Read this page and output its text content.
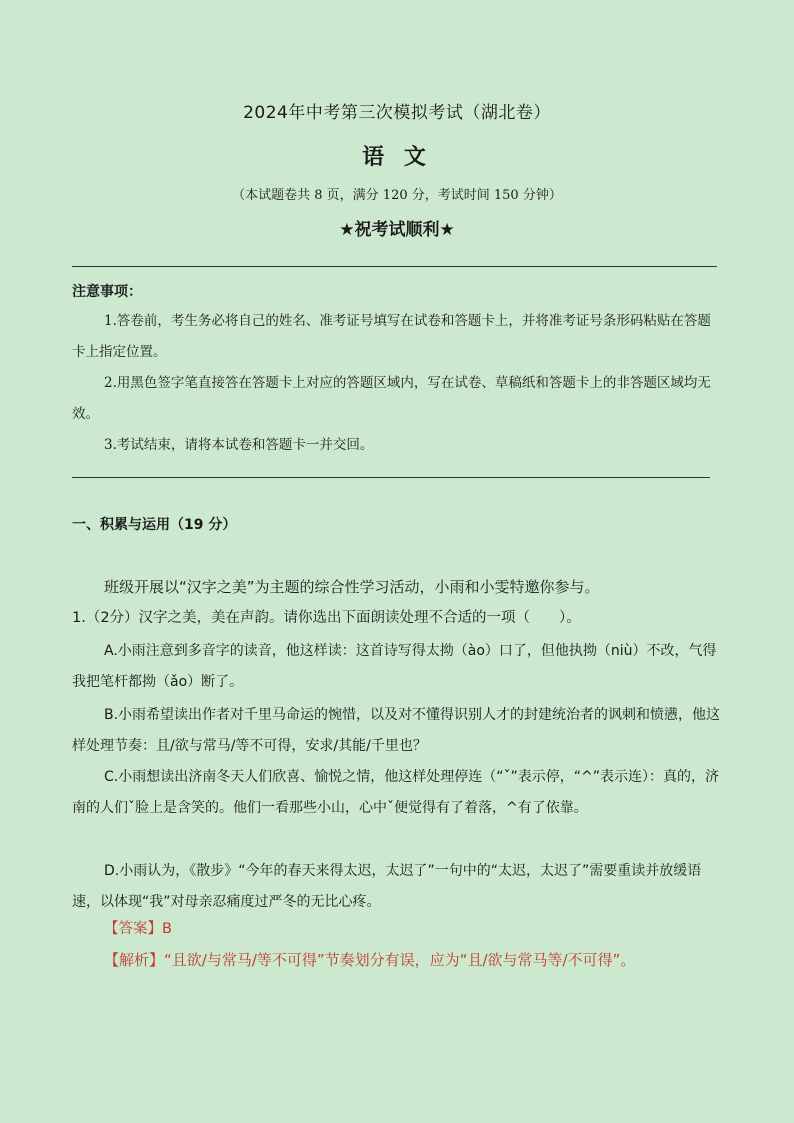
2024年中考第三次模拟考试（湖北卷）
语 文
（本试题卷共 8 页，满分 120 分，考试时间 150 分钟）
★祝考试顺利★
注意事项：
1.答卷前，考生务必将自己的姓名、准考证号填写在试卷和答题卡上，并将准考证号条形码粘贴在答题卡上指定位置。
2.用黑色签字笔直接答在答题卡上对应的答题区域内，写在试卷、草稿纸和答题卡上的非答题区域均无效。
3.考试结束，请将本试卷和答题卡一并交回。
一、积累与运用（19 分）
班级开展以“汉字之美”为主题的综合性学习活动，小雨和小雯特邀你参与。
1.（2分）汉字之美，美在声韵。请你选出下面朗读处理不合适的一项（　　）。
A.小雨注意到多音字的读音，他这样读：这首诗写得太拗（ào）口了，但他执拗（niù）不改，气得我把笔杆都拗（ǎo）断了。
B.小雨希望读出作者对千里马命运的惋惜，以及对不懂得识别人才的封建统治者的讽刺和愤懑，他这样处理节奏：且/欲与常马/等不可得，安求/其能/千里也？
C.小雨想读出济南冬天人们欣喜、愉悦之情，他这样处理停连（“ˇ”表示停，“^”表示连）：真的，济南的人们ˇ脸上是含笑的。他们一看那些小山，心中ˇ便觉得有了着落，^有了依靠。
D.小雨认为，《散步》“今年的春天来得太迟，太迟了”一句中的“太迟，太迟了”需要重读并放缓语速，以体现“我”对母亲忍痛度过严冬的无比心疼。
【答案】B
【解析】“且欲/与常马/等不可得”节奏划分有误，应为“且/欲与常马等/不可得”。
